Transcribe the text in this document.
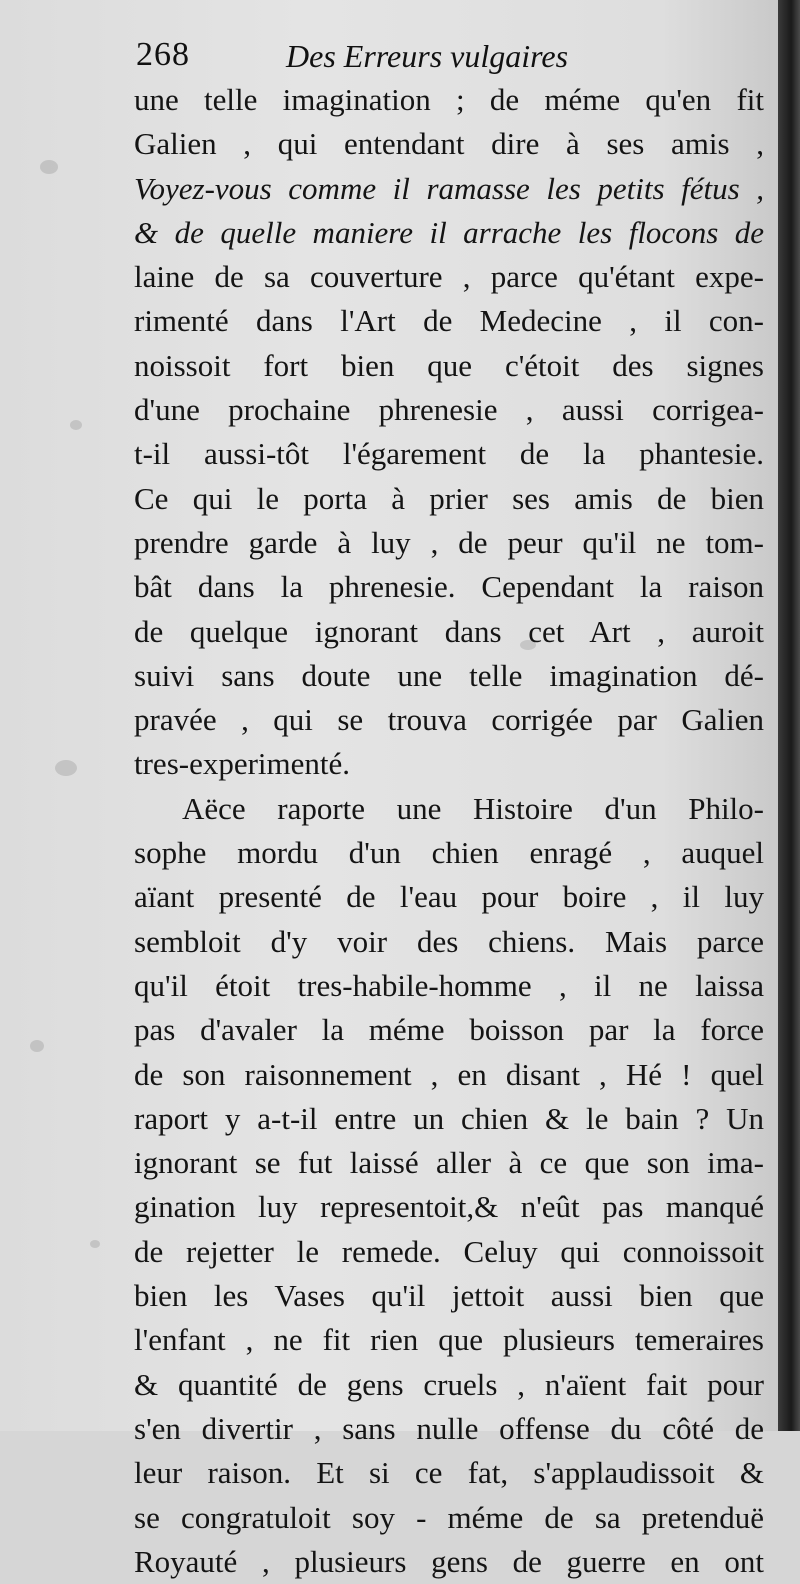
268	Des Erreurs vulgaires
une telle imagination ; de méme qu'en fit
Galien , qui entendant dire à ses amis ,
Voyez-vous comme il ramasse les petits fétus ,
& de quelle maniere il arrache les flocons de
laine de sa couverture , parce qu'étant expe-
rimenté dans l'Art de Medecine , il con-
noissoit fort bien que c'étoit des signes
d'une prochaine phrenesie , aussi corrigea-
t-il aussi-tôt l'égarement de la phantesie.
Ce qui le porta à prier ses amis de bien
prendre garde à luy , de peur qu'il ne tom-
bât dans la phrenesie. Cependant la raison
de quelque ignorant dans cet Art , auroit
suivi sans doute une telle imagination dé-
pravée , qui se trouva corrigée par Galien
tres-experimenté.
Aëce raporte une Histoire d'un Philo-
sophe mordu d'un chien enragé , auquel
aïant presenté de l'eau pour boire , il luy
sembloit d'y voir des chiens. Mais parce
qu'il étoit tres-habile-homme , il ne laissa
pas d'avaler la méme boisson par la force
de son raisonnement , en disant , Hé ! quel
raport y a-t-il entre un chien & le bain ? Un
ignorant se fut laissé aller à ce que son ima-
gination luy representoit,& n'eût pas manqué
de rejetter le remede. Celuy qui connoissoit
bien les Vases qu'il jettoit aussi bien que
l'enfant , ne fit rien que plusieurs temeraires
& quantité de gens cruels , n'aïent fait pour
s'en divertir , sans nulle offense du côté de
leur raison. Et si ce fat, s'applaudissoit &
se congratuloit soy - méme de sa pretenduë
Royauté , plusieurs gens de guerre en ont
